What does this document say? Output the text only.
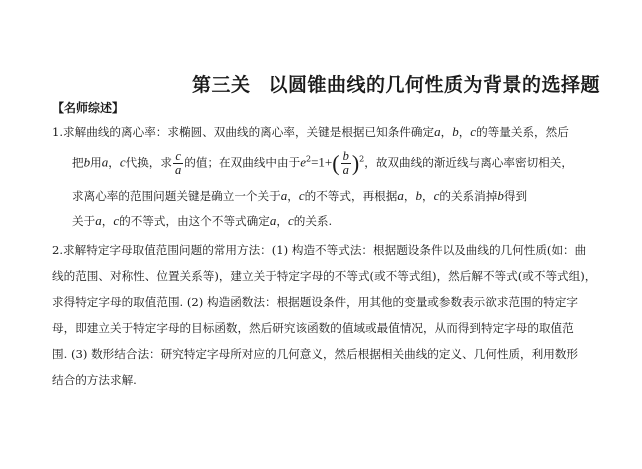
第三关 以圆锥曲线的几何性质为背景的选择题
【名师综述】
1.求解曲线的离心率：求椭圆、双曲线的离心率，关键是根据已知条件确定a，b，c的等量关系，然后
把b用a，c代换，求 $\frac{c}{a}$ 的值；在双曲线中由于$e^2=1+( \frac{b}{a} )^2$，故双曲线的渐近线与离心率密切相关，
求离心率的范围问题关键是确立一个关于a，c的不等式，再根据a，b，c的关系消掉b得到
关于a，c的不等式，由这个不等式确定a，c的关系.
2.求解特定字母取值范围问题的常用方法：(1) 构造不等式法：根据题设条件以及曲线的几何性质(如：曲
线的范围、对称性、位置关系等)，建立关于特定字母的不等式(或不等式组)，然后解不等式(或不等式组)，
求得特定字母的取值范围. (2) 构造函数法：根据题设条件，用其他的变量或参数表示欲求范围的特定字
母，即建立关于特定字母的目标函数，然后研究该函数的值域或最值情况，从而得到特定字母的取值范
围. (3) 数形结合法：研究特定字母所对应的几何意义，然后根据相关曲线的定义、几何性质，利用数形
结合的方法求解.
